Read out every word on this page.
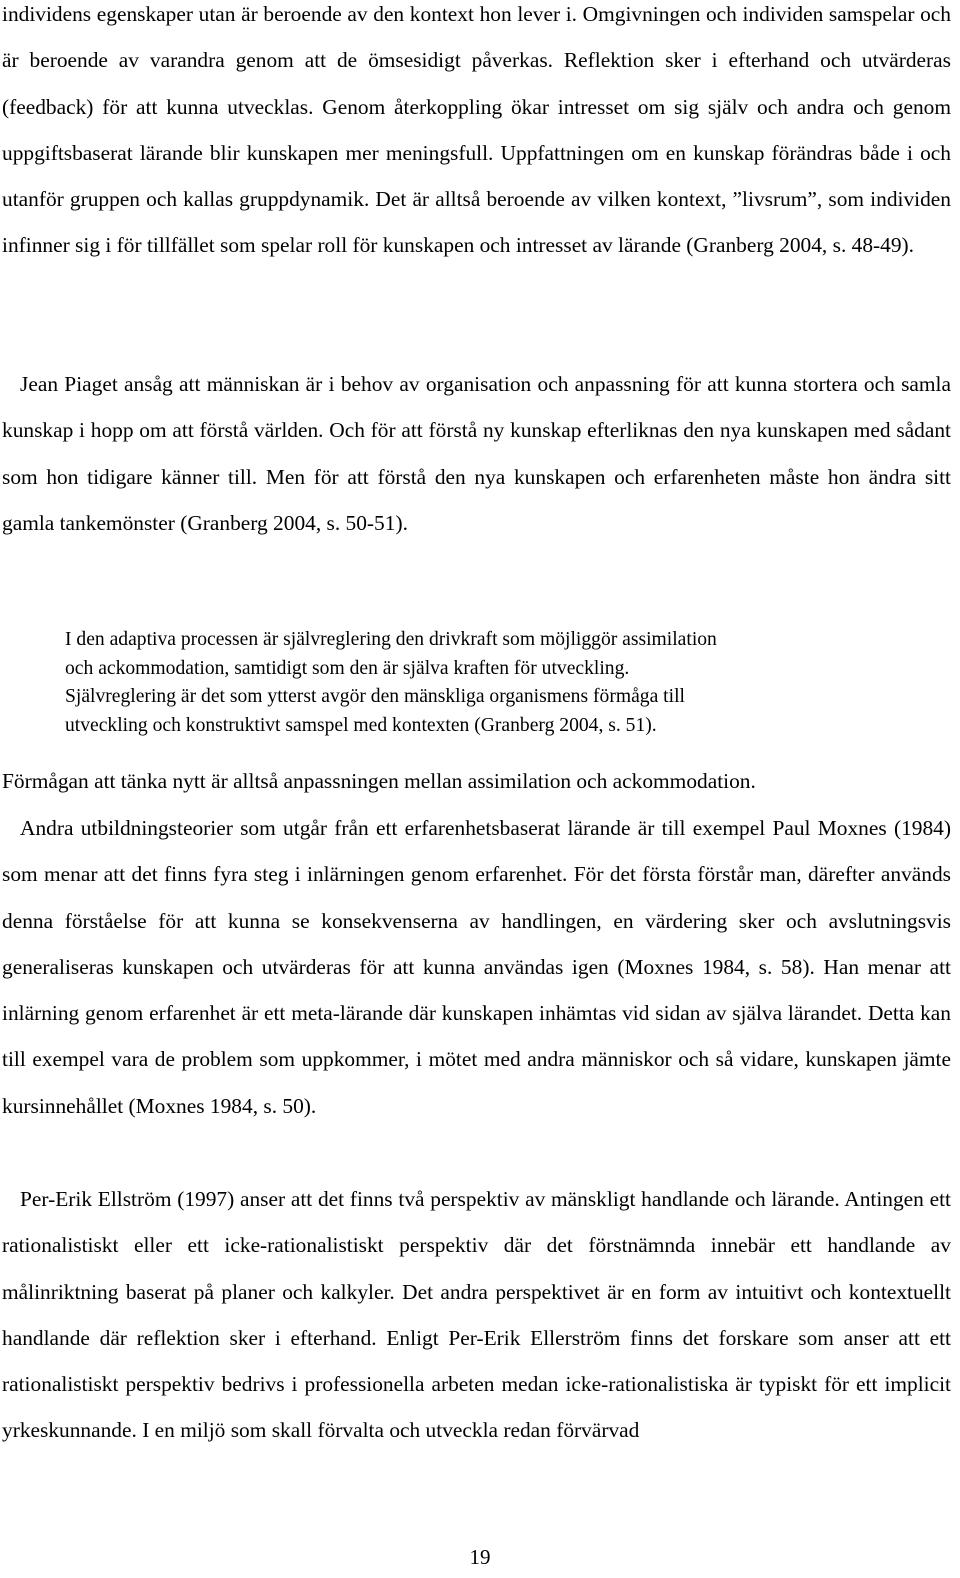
individens egenskaper utan är beroende av den kontext hon lever i. Omgivningen och individen samspelar och är beroende av varandra genom att de ömsesidigt påverkas. Reflektion sker i efterhand och utvärderas (feedback) för att kunna utvecklas. Genom återkoppling ökar intresset om sig själv och andra och genom uppgiftsbaserat lärande blir kunskapen mer meningsfull. Uppfattningen om en kunskap förändras både i och utanför gruppen och kallas gruppdynamik. Det är alltså beroende av vilken kontext, ”livsrum”, som individen infinner sig i för tillfället som spelar roll för kunskapen och intresset av lärande (Granberg 2004, s. 48-49).

Jean Piaget ansåg att människan är i behov av organisation och anpassning för att kunna stortera och samla kunskap i hopp om att förstå världen. Och för att förstå ny kunskap efterliknas den nya kunskapen med sådant som hon tidigare känner till. Men för att förstå den nya kunskapen och erfarenheten måste hon ändra sitt gamla tankemönster (Granberg 2004, s. 50-51).

I den adaptiva processen är självreglering den drivkraft som möjliggör assimilation
och ackommodation, samtidigt som den är själva kraften för utveckling.
Självreglering är det som ytterst avgör den mänskliga organismens förmåga till
utveckling och konstruktivt samspel med kontexten (Granberg 2004, s. 51).

Förmågan att tänka nytt är alltså anpassningen mellan assimilation och ackommodation.

Andra utbildningsteorier som utgår från ett erfarenhetsbaserat lärande är till exempel Paul Moxnes (1984) som menar att det finns fyra steg i inlärningen genom erfarenhet. För det första förstår man, därefter används denna förståelse för att kunna se konsekvenserna av handlingen, en värdering sker och avslutningsvis generaliseras kunskapen och utvärderas för att kunna användas igen (Moxnes 1984, s. 58). Han menar att inlärning genom erfarenhet är ett meta-lärande där kunskapen inhämtas vid sidan av själva lärandet. Detta kan till exempel vara de problem som uppkommer, i mötet med andra människor och så vidare, kunskapen jämte kursinnehållet (Moxnes 1984, s. 50).

Per-Erik Ellström (1997) anser att det finns två perspektiv av mänskligt handlande och lärande. Antingen ett rationalistiskt eller ett icke-rationalistiskt perspektiv där det förstnämnda innebär ett handlande av målinriktning baserat på planer och kalkyler. Det andra perspektivet är en form av intuitivt och kontextuellt handlande där reflektion sker i efterhand. Enligt Per-Erik Ellerström finns det forskare som anser att ett rationalistiskt perspektiv bedrivs i professionella arbeten medan icke-rationalistiska är typiskt för ett implicit yrkeskunnande. I en miljö som skall förvalta och utveckla redan förvärvad

19
